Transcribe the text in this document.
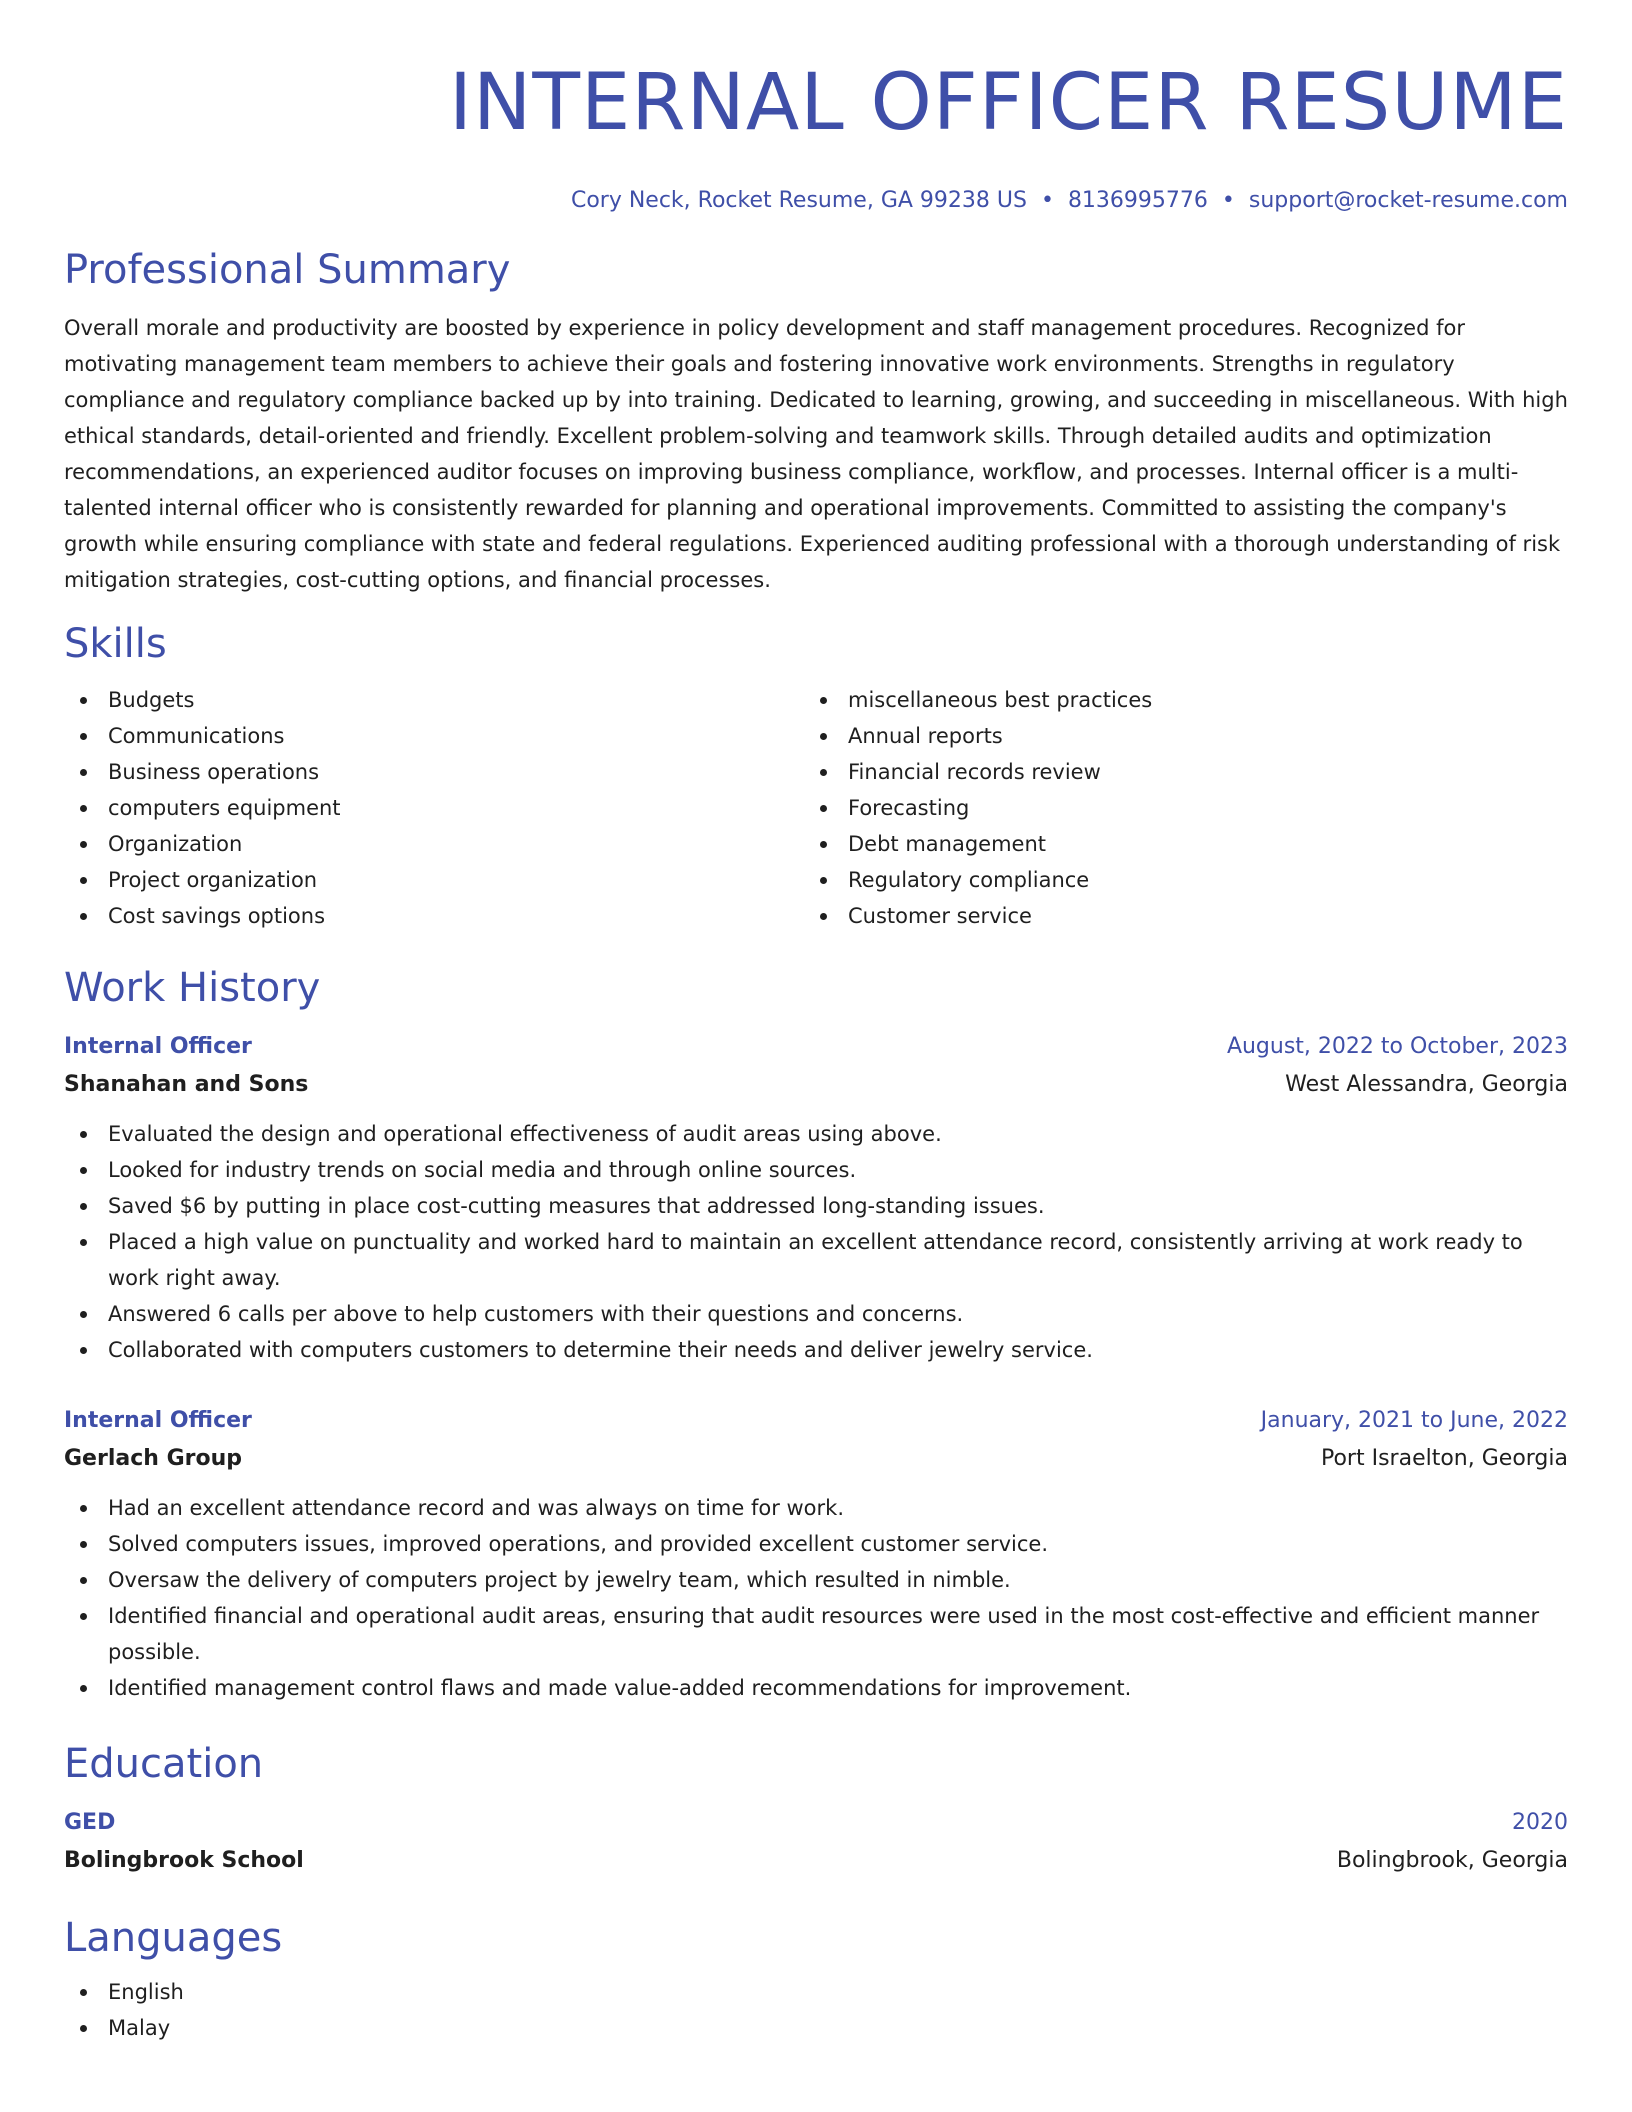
INTERNAL OFFICER RESUME
Cory Neck, Rocket Resume, GA 99238 US • 8136995776 • support@rocket-resume.com
Professional Summary
Overall morale and productivity are boosted by experience in policy development and staff management procedures. Recognized for motivating management team members to achieve their goals and fostering innovative work environments. Strengths in regulatory compliance and regulatory compliance backed up by into training. Dedicated to learning, growing, and succeeding in miscellaneous. With high ethical standards, detail-oriented and friendly. Excellent problem-solving and teamwork skills. Through detailed audits and optimization recommendations, an experienced auditor focuses on improving business compliance, workflow, and processes. Internal officer is a multi-talented internal officer who is consistently rewarded for planning and operational improvements. Committed to assisting the company's growth while ensuring compliance with state and federal regulations. Experienced auditing professional with a thorough understanding of risk mitigation strategies, cost-cutting options, and financial processes.
Skills
Budgets
Communications
Business operations
computers equipment
Organization
Project organization
Cost savings options
miscellaneous best practices
Annual reports
Financial records review
Forecasting
Debt management
Regulatory compliance
Customer service
Work History
Internal Officer	August, 2022 to October, 2023
Shanahan and Sons	West Alessandra, Georgia
Evaluated the design and operational effectiveness of audit areas using above.
Looked for industry trends on social media and through online sources.
Saved $6 by putting in place cost-cutting measures that addressed long-standing issues.
Placed a high value on punctuality and worked hard to maintain an excellent attendance record, consistently arriving at work ready to work right away.
Answered 6 calls per above to help customers with their questions and concerns.
Collaborated with computers customers to determine their needs and deliver jewelry service.
Internal Officer	January, 2021 to June, 2022
Gerlach Group	Port Israelton, Georgia
Had an excellent attendance record and was always on time for work.
Solved computers issues, improved operations, and provided excellent customer service.
Oversaw the delivery of computers project by jewelry team, which resulted in nimble.
Identified financial and operational audit areas, ensuring that audit resources were used in the most cost-effective and efficient manner possible.
Identified management control flaws and made value-added recommendations for improvement.
Education
GED	2020
Bolingbrook School	Bolingbrook, Georgia
Languages
English
Malay
